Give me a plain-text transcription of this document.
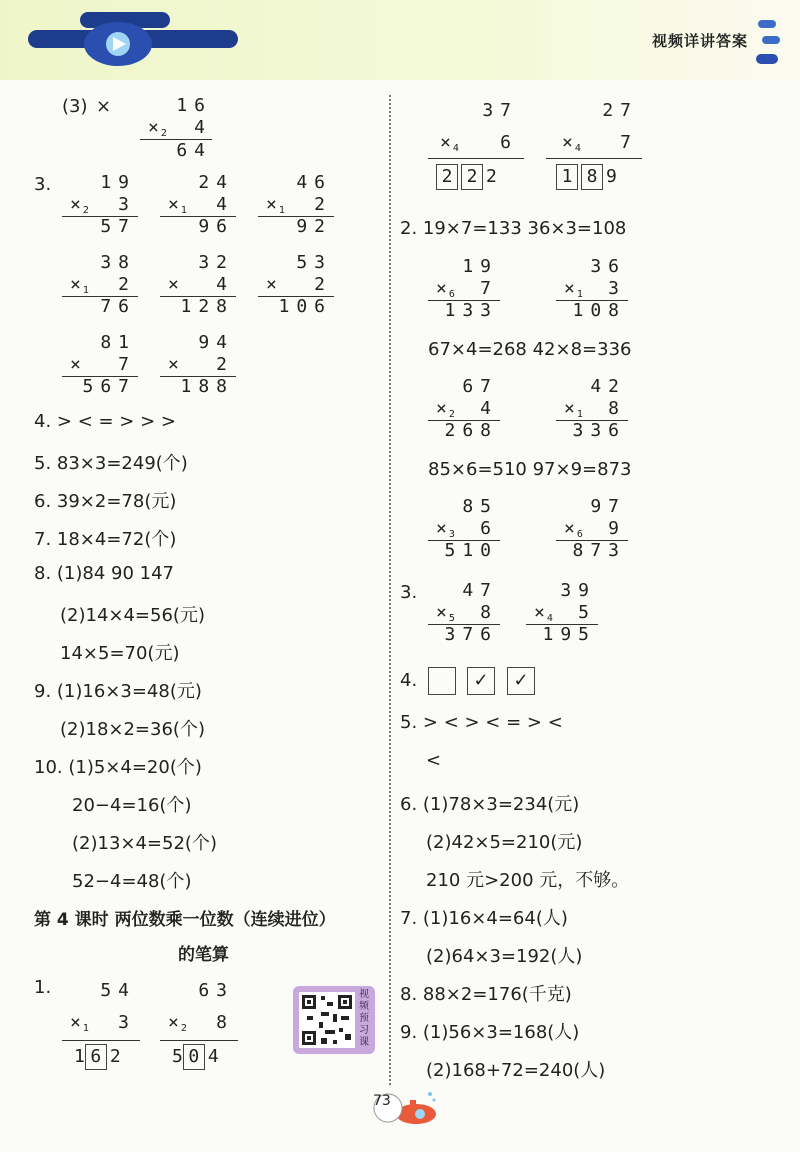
视频详讲答案
(3) ×	16
× $_2$	4
64
3.	19
× $_2$	3
57
24
× $_1$	4
96
46
× $_1$	2
92
38
× $_1$	2
76
32
×	4
128
53
×	2
106
81
×	7
567
94
×	2
188
4. > < = > > >
5. 83×3=249(个)
6. 39×2=78(元)
7. 18×4=72(个)
8. (1)84 90 147
(2)14×4=56(元)
14×5=70(元)
9. (1)16×3=48(元)
(2)18×2=36(个)
10. (1)5×4=20(个)
20−4=16(个)
(2)13×4=52(个)
52−4=48(个)
第 4 课时 两位数乘一位数（连续进位）
的笔算
1.	54
× $_1$	3
1 6 2
63
× $_2$	8
5 0 4
视频预习课
37
× $_4$	6
2 2 2
27
× $_4$	7
1 8 9
2. 19×7=133 36×3=108
19
× $_6$	7
133
36
× $_1$	3
108
67×4=268 42×8=336
67
× $_2$	4
268
42
× $_1$	8
336
85×6=510 97×9=873
85
× $_3$	6
510
97
× $_6$	9
873
3.	47
× $_5$	8
376
39
× $_4$	5
195
4.	✓	✓
5. > < > < = > <
<
6. (1)78×3=234(元)
(2)42×5=210(元)
210 元>200 元，不够。
7. (1)16×4=64(人)
(2)64×3=192(人)
8. 88×2=176(千克)
9. (1)56×3=168(人)
(2)168+72=240(人)
73
